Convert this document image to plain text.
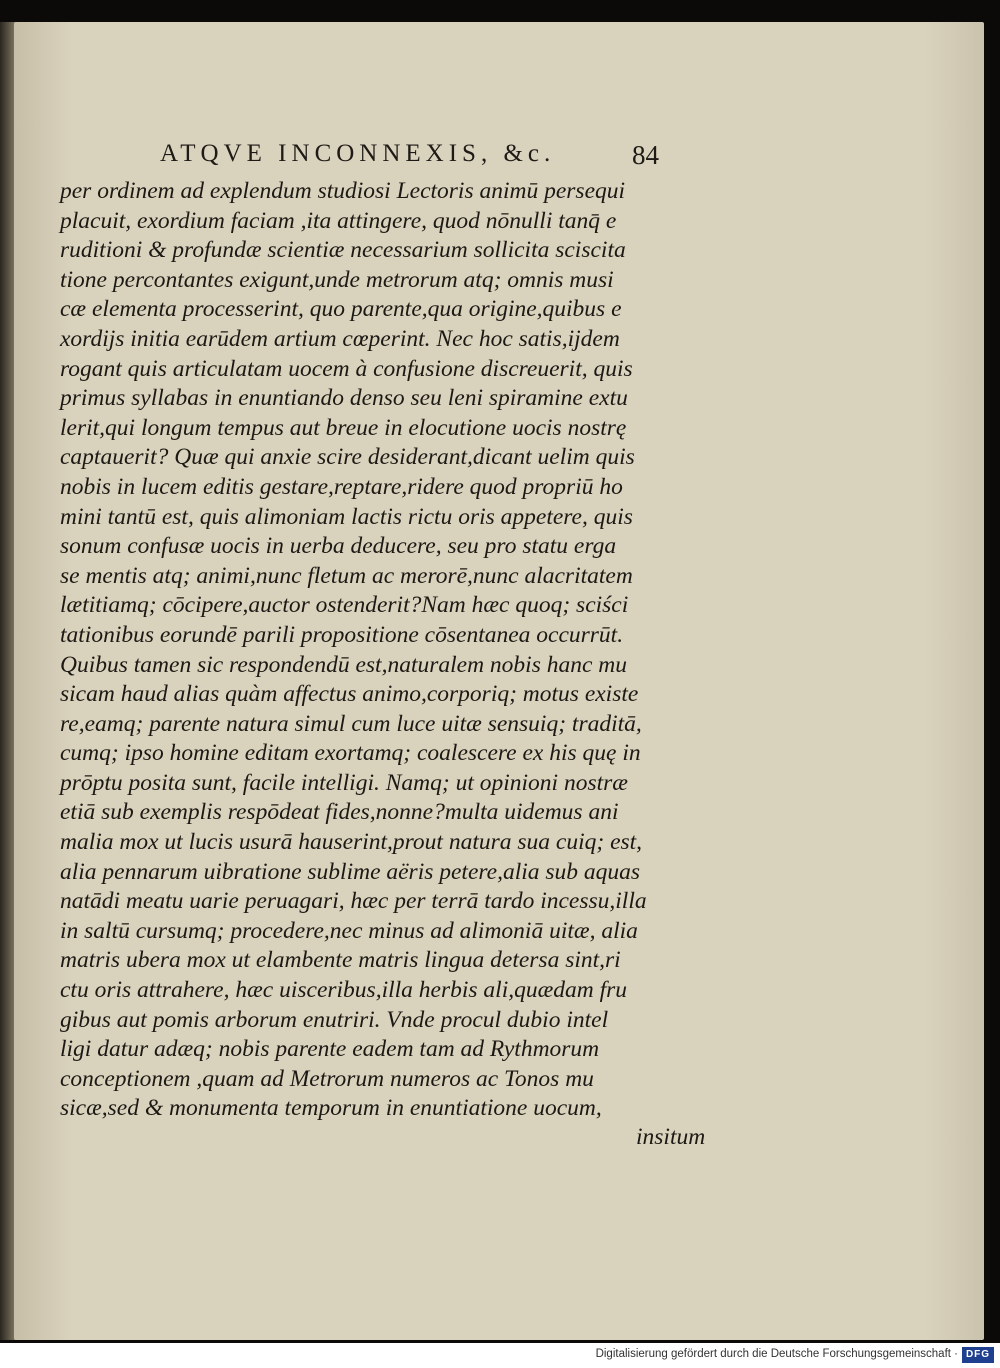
ATQVE INCONNEXIS, &c.	84
per ordinem ad explendum studiosi Lectoris animū persequi
placuit, exordium faciam ,ita attingere, quod nōnulli tanq̄ e
ruditioni & profundæ scientiæ necessarium sollicita sciscita
tione percontantes exigunt,unde metrorum atq; omnis musi
cæ elementa processerint, quo parente,qua origine,quibus e
xordijs initia earūdem artium cœperint. Nec hoc satis,ijdem
rogant quis articulatam uocem à confusione discreuerit, quis
primus syllabas in enuntiando denso seu leni spiramine extu
lerit,qui longum tempus aut breue in elocutione uocis nostrę
captauerit? Quæ qui anxie scire desiderant,dicant uelim quis
nobis in lucem editis gestare,reptare,ridere quod propriū ho
mini tantū est, quis alimoniam lactis rictu oris appetere, quis
sonum confusæ uocis in uerba deducere, seu pro statu erga
se mentis atq; animi,nunc fletum ac merorē,nunc alacritatem
lætitiamq; cōcipere,auctor ostenderit?Nam hæc quoq; sciści
tationibus eorundē parili propositione cōsentanea occurrūt.
Quibus tamen sic respondendū est,naturalem nobis hanc mu
sicam haud alias quàm affectus animo,corporiq; motus existe
re,eamq; parente natura simul cum luce uitæ sensuiq; traditā,
cumq; ipso homine editam exortamq; coalescere ex his quę in
prōptu posita sunt, facile intelligi. Namq; ut opinioni nostræ
etiā sub exemplis respōdeat fides,nonne?multa uidemus ani
malia mox ut lucis usurā hauserint,prout natura sua cuiq; est,
alia pennarum uibratione sublime aëris petere,alia sub aquas
natādi meatu uarie peruagari, hæc per terrā tardo incessu,illa
in saltū cursumq; procedere,nec minus ad alimoniā uitæ, alia
matris ubera mox ut elambente matris lingua detersa sint,ri
ctu oris attrahere, hæc uisceribus,illa herbis ali,quædam fru
gibus aut pomis arborum enutriri. Vnde procul dubio intel
ligi datur adæq; nobis parente eadem tam ad Rythmorum
conceptionem ,quam ad Metrorum numeros ac Tonos mu
sicæ,sed & monumenta temporum in enuntiatione uocum,
insitum
Digitalisierung gefördert durch die Deutsche Forschungsgemeinschaft · DFG
